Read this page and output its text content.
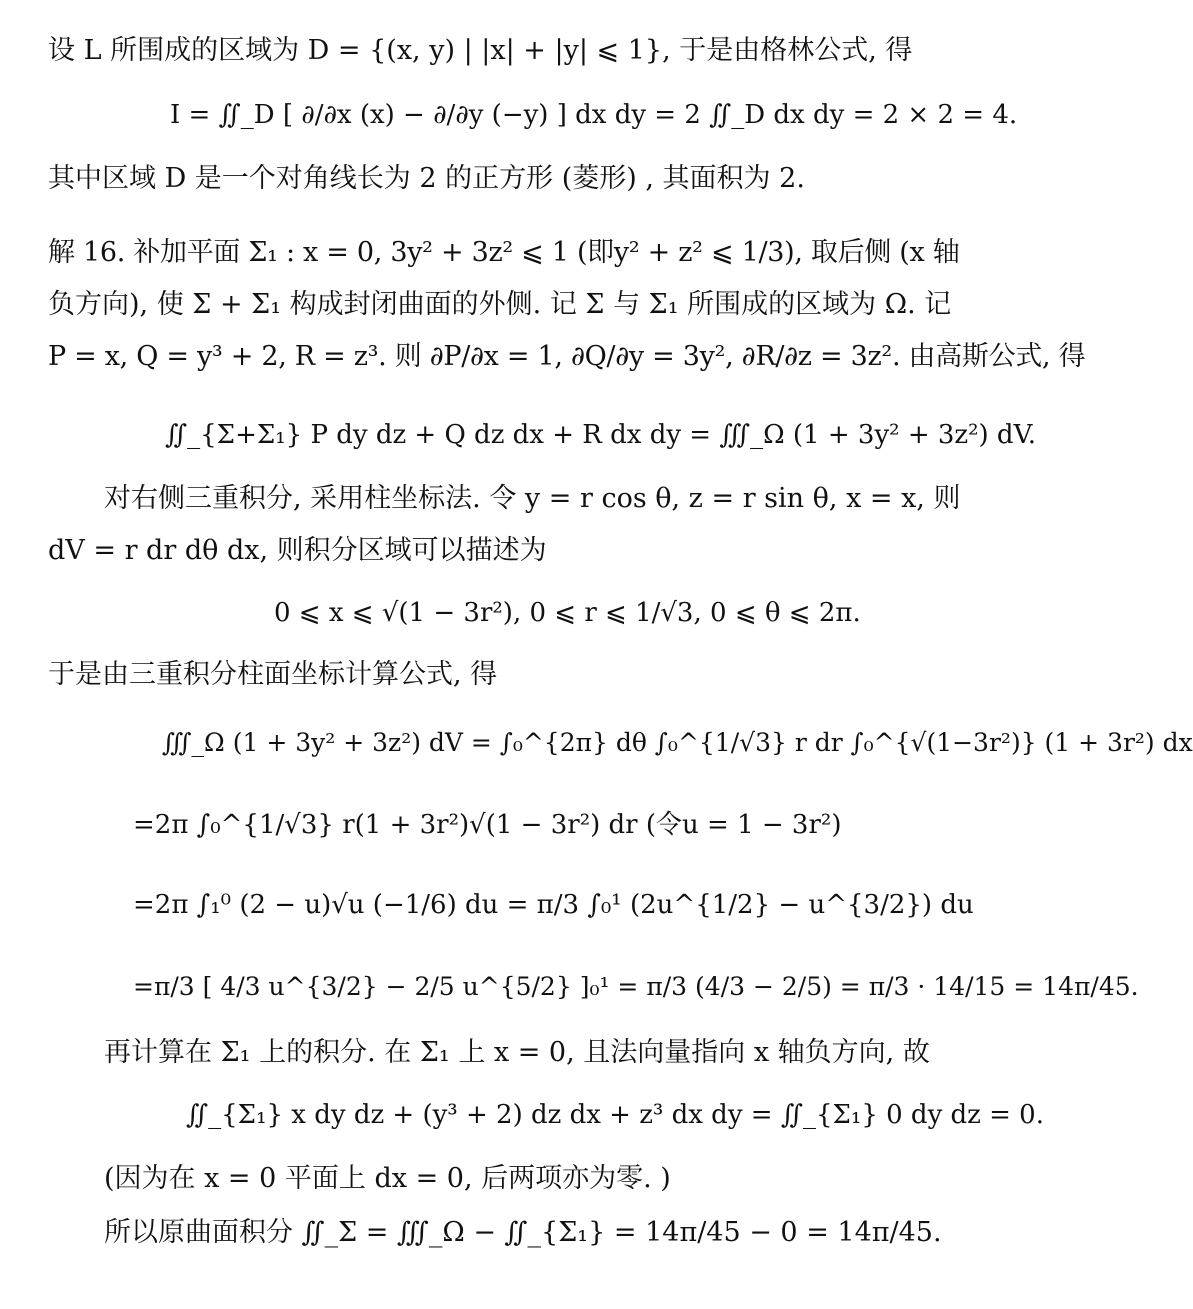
设 L 所围成的区域为 D = {(x, y) | |x| + |y| ⩽ 1}, 于是由格林公式, 得
I = ∬_D [ ∂/∂x (x) − ∂/∂y (−y) ] dx dy = 2 ∬_D dx dy = 2 × 2 = 4.
其中区域 D 是一个对角线长为 2 的正方形 (菱形) , 其面积为 2.
解 16. 补加平面 Σ₁ : x = 0, 3y² + 3z² ⩽ 1 (即y² + z² ⩽ 1/3), 取后侧 (x 轴
负方向), 使 Σ + Σ₁ 构成封闭曲面的外侧. 记 Σ 与 Σ₁ 所围成的区域为 Ω. 记
P = x, Q = y³ + 2, R = z³. 则 ∂P/∂x = 1, ∂Q/∂y = 3y², ∂R/∂z = 3z². 由高斯公式, 得
∬_{Σ+Σ₁} P dy dz + Q dz dx + R dx dy = ∭_Ω (1 + 3y² + 3z²) dV.
对右侧三重积分, 采用柱坐标法. 令 y = r cos θ, z = r sin θ, x = x, 则
dV = r dr dθ dx, 则积分区域可以描述为
0 ⩽ x ⩽ √(1 − 3r²), 0 ⩽ r ⩽ 1/√3, 0 ⩽ θ ⩽ 2π.
于是由三重积分柱面坐标计算公式, 得
∭_Ω (1 + 3y² + 3z²) dV = ∫₀^{2π} dθ ∫₀^{1/√3} r dr ∫₀^{√(1−3r²)} (1 + 3r²) dx
=2π ∫₀^{1/√3} r(1 + 3r²)√(1 − 3r²) dr (令u = 1 − 3r²)
=2π ∫₁⁰ (2 − u)√u (−1/6) du = π/3 ∫₀¹ (2u^{1/2} − u^{3/2}) du
=π/3 [ 4/3 u^{3/2} − 2/5 u^{5/2} ]₀¹ = π/3 (4/3 − 2/5) = π/3 · 14/15 = 14π/45.
再计算在 Σ₁ 上的积分. 在 Σ₁ 上 x = 0, 且法向量指向 x 轴负方向, 故
∬_{Σ₁} x dy dz + (y³ + 2) dz dx + z³ dx dy = ∬_{Σ₁} 0 dy dz = 0.
(因为在 x = 0 平面上 dx = 0, 后两项亦为零. )
所以原曲面积分 ∬_Σ = ∭_Ω − ∬_{Σ₁} = 14π/45 − 0 = 14π/45.
